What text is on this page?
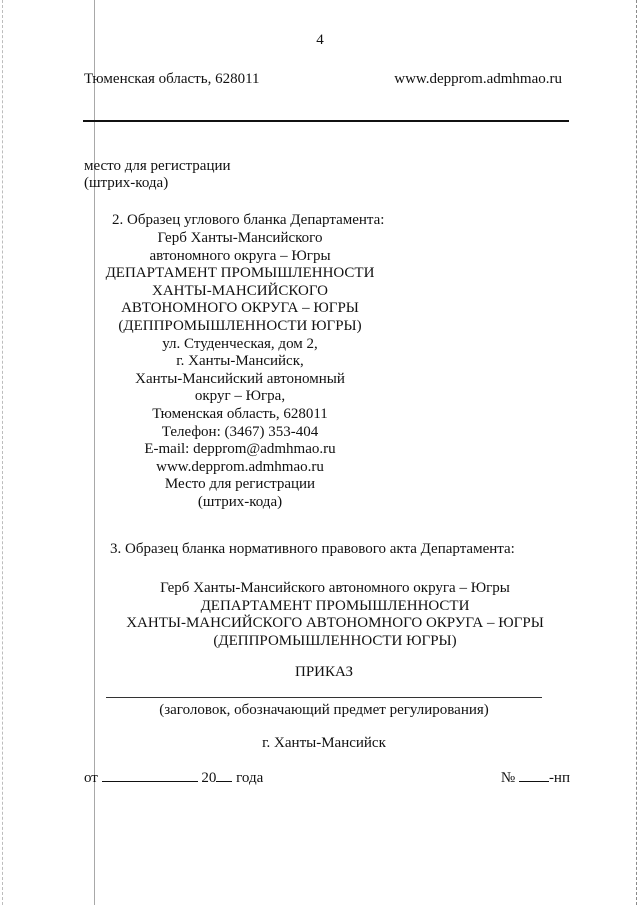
4
Тюменская область, 628011	www.depprom.admhmao.ru
место для регистрации
(штрих-кода)
2. Образец углового бланка Департамента:
Герб Ханты-Мансийского
автономного округа – Югры
ДЕПАРТАМЕНТ ПРОМЫШЛЕННОСТИ
ХАНТЫ-МАНСИЙСКОГО
АВТОНОМНОГО ОКРУГА – ЮГРЫ
(ДЕППРОМЫШЛЕННОСТИ ЮГРЫ)
ул. Студенческая, дом 2,
г. Ханты-Мансийск,
Ханты-Мансийский автономный
округ – Югра,
Тюменская область, 628011
Телефон: (3467) 353-404
E-mail: depprom@admhmao.ru
www.depprom.admhmao.ru
Место для регистрации
(штрих-кода)
3. Образец бланка нормативного правового акта Департамента:
Герб Ханты-Мансийского автономного округа – Югры
ДЕПАРТАМЕНТ ПРОМЫШЛЕННОСТИ
ХАНТЫ-МАНСИЙСКОГО АВТОНОМНОГО ОКРУГА – ЮГРЫ
(ДЕППРОМЫШЛЕННОСТИ ЮГРЫ)
ПРИКАЗ
(заголовок, обозначающий предмет регулирования)
г. Ханты-Мансийск
от	20 года	№ -нп
